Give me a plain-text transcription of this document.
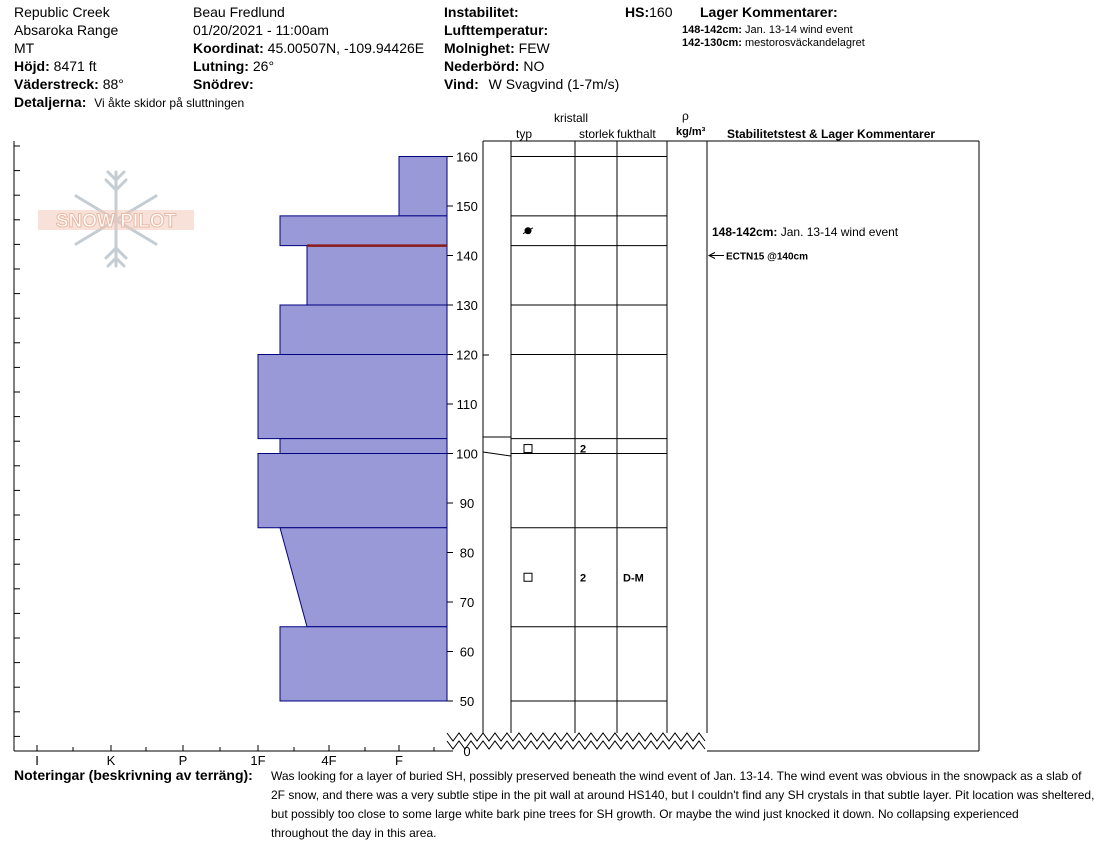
Republic Creek
Absaroka Range
MT
Höjd: 8471 ft
Väderstreck: 88°
Detaljerna: Vi åkte skidor på sluttningen
Beau Fredlund
01/20/2021 - 11:00am
Koordinat: 45.00507N, -109.94426E
Lutning: 26°
Snödrev:
Instabilitet:
Lufttemperatur:
Molnighet: FEW
Nederbörd: NO
Vind: W Svagvind (1-7m/s)
HS:160 Lager Kommentarer:
148-142cm: Jan. 13-14 wind event
142-130cm: mestorosväckandelagret
kristall
typ	storlek fukthalt
ρ
kg/m³ Stabilitetstest & Lager Kommentarer
SNOW PILOT
I	K	P	1F	4F	F
0
50
60
70
80
90
100
110
120
130
140
150
160
2
2	D-M
148-142cm: Jan. 13-14 wind event
ECTN15 @140cm
Noteringar (beskrivning av terräng): Was looking for a layer of buried SH, possibly preserved beneath the wind event of Jan. 13-14. The wind event was obvious in the snowpack as a slab of
2F snow, and there was a very subtle stipe in the pit wall at around HS140, but I couldn't find any SH crystals in that subtle layer. Pit location was sheltered,
but possibly too close to some large white bark pine trees for SH growth. Or maybe the wind just knocked it down. No collapsing experienced
throughout the day in this area.
